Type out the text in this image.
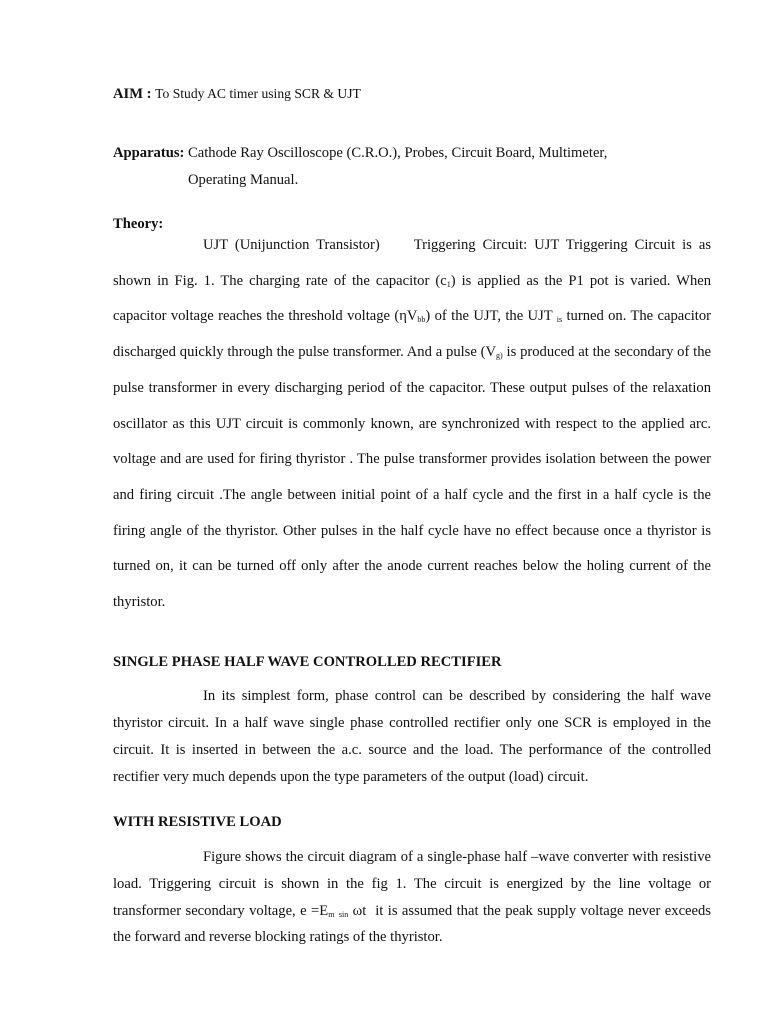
AIM : To Study AC timer using SCR & UJT
Apparatus: Cathode Ray Oscilloscope (C.R.O.), Probes, Circuit Board, Multimeter,
Operating Manual.
Theory:
UJT (Unijunction Transistor) Triggering Circuit: UJT Triggering Circuit is as shown in Fig. 1. The charging rate of the capacitor $(c_1)$ is applied as the P1 pot is varied. When capacitor voltage reaches the threshold voltage $(\eta V_{bb})$ of the UJT, the UJT $_{is}$ turned on. The capacitor discharged quickly through the pulse transformer. And a pulse ($V_{g)}$ is produced at the secondary of the pulse transformer in every discharging period of the capacitor. These output pulses of the relaxation oscillator as this UJT circuit is commonly known, are synchronized with respect to the applied arc. voltage and are used for firing thyristor . The pulse transformer provides isolation between the power and firing circuit .The angle between initial point of a half cycle and the first in a half cycle is the firing angle of the thyristor. Other pulses in the half cycle have no effect because once a thyristor is turned on, it can be turned off only after the anode current reaches below the holing current of the thyristor.
SINGLE PHASE HALF WAVE CONTROLLED RECTIFIER
In its simplest form, phase control can be described by considering the half wave thyristor circuit. In a half wave single phase controlled rectifier only one SCR is employed in the circuit. It is inserted in between the a.c. source and the load. The performance of the controlled rectifier very much depends upon the type parameters of the output (load) circuit.
WITH RESISTIVE LOAD
Figure shows the circuit diagram of a single-phase half –wave converter with resistive load. Triggering circuit is shown in the fig 1. The circuit is energized by the line voltage or transformer secondary voltage, $e =E_m$ $_{sin}$ ωt it is assumed that the peak supply voltage never exceeds the forward and reverse blocking ratings of the thyristor.
